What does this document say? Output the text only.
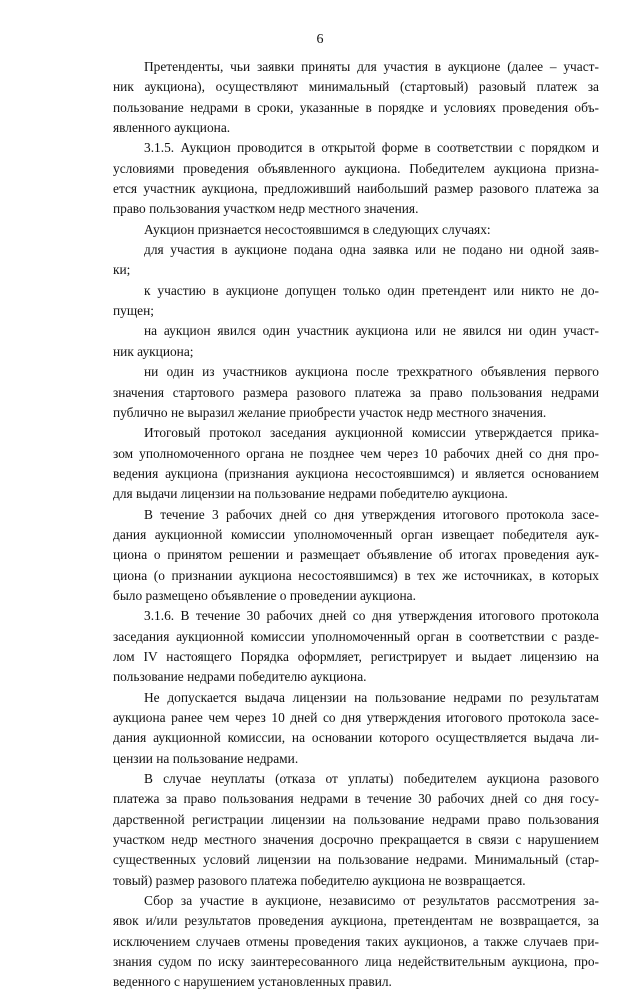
6
Претенденты, чьи заявки приняты для участия в аукционе (далее – участ-
ник аукциона), осуществляют минимальный (стартовый) разовый платеж за
пользование недрами в сроки, указанные в порядке и условиях проведения объ-
явленного аукциона.
3.1.5. Аукцион проводится в открытой форме в соответствии с порядком и
условиями проведения объявленного аукциона. Победителем аукциона призна-
ется участник аукциона, предложивший наибольший размер разового платежа за
право пользования участком недр местного значения.
Аукцион признается несостоявшимся в следующих случаях:
для участия в аукционе подана одна заявка или не подано ни одной заяв-
ки;
к участию в аукционе допущен только один претендент или никто не до-
пущен;
на аукцион явился один участник аукциона или не явился ни один участ-
ник аукциона;
ни один из участников аукциона после трехкратного объявления первого
значения стартового размера разового платежа за право пользования недрами
публично не выразил желание приобрести участок недр местного значения.
Итоговый протокол заседания аукционной комиссии утверждается прика-
зом уполномоченного органа не позднее чем через 10 рабочих дней со дня про-
ведения аукциона (признания аукциона несостоявшимся) и является основанием
для выдачи лицензии на пользование недрами победителю аукциона.
В течение 3 рабочих дней со дня утверждения итогового протокола засе-
дания аукционной комиссии уполномоченный орган извещает победителя аук-
циона о принятом решении и размещает объявление об итогах проведения аук-
циона (о признании аукциона несостоявшимся) в тех же источниках, в которых
было размещено объявление о проведении аукциона.
3.1.6. В течение 30 рабочих дней со дня утверждения итогового протокола
заседания аукционной комиссии уполномоченный орган в соответствии с разде-
лом IV настоящего Порядка оформляет, регистрирует и выдает лицензию на
пользование недрами победителю аукциона.
Не допускается выдача лицензии на пользование недрами по результатам
аукциона ранее чем через 10 дней со дня утверждения итогового протокола засе-
дания аукционной комиссии, на основании которого осуществляется выдача ли-
цензии на пользование недрами.
В случае неуплаты (отказа от уплаты) победителем аукциона разового
платежа за право пользования недрами в течение 30 рабочих дней со дня госу-
дарственной регистрации лицензии на пользование недрами право пользования
участком недр местного значения досрочно прекращается в связи с нарушением
существенных условий лицензии на пользование недрами. Минимальный (стар-
товый) размер разового платежа победителю аукциона не возвращается.
Сбор за участие в аукционе, независимо от результатов рассмотрения за-
явок и/или результатов проведения аукциона, претендентам не возвращается, за
исключением случаев отмены проведения таких аукционов, а также случаев при-
знания судом по иску заинтересованного лица недействительным аукциона, про-
веденного с нарушением установленных правил.
